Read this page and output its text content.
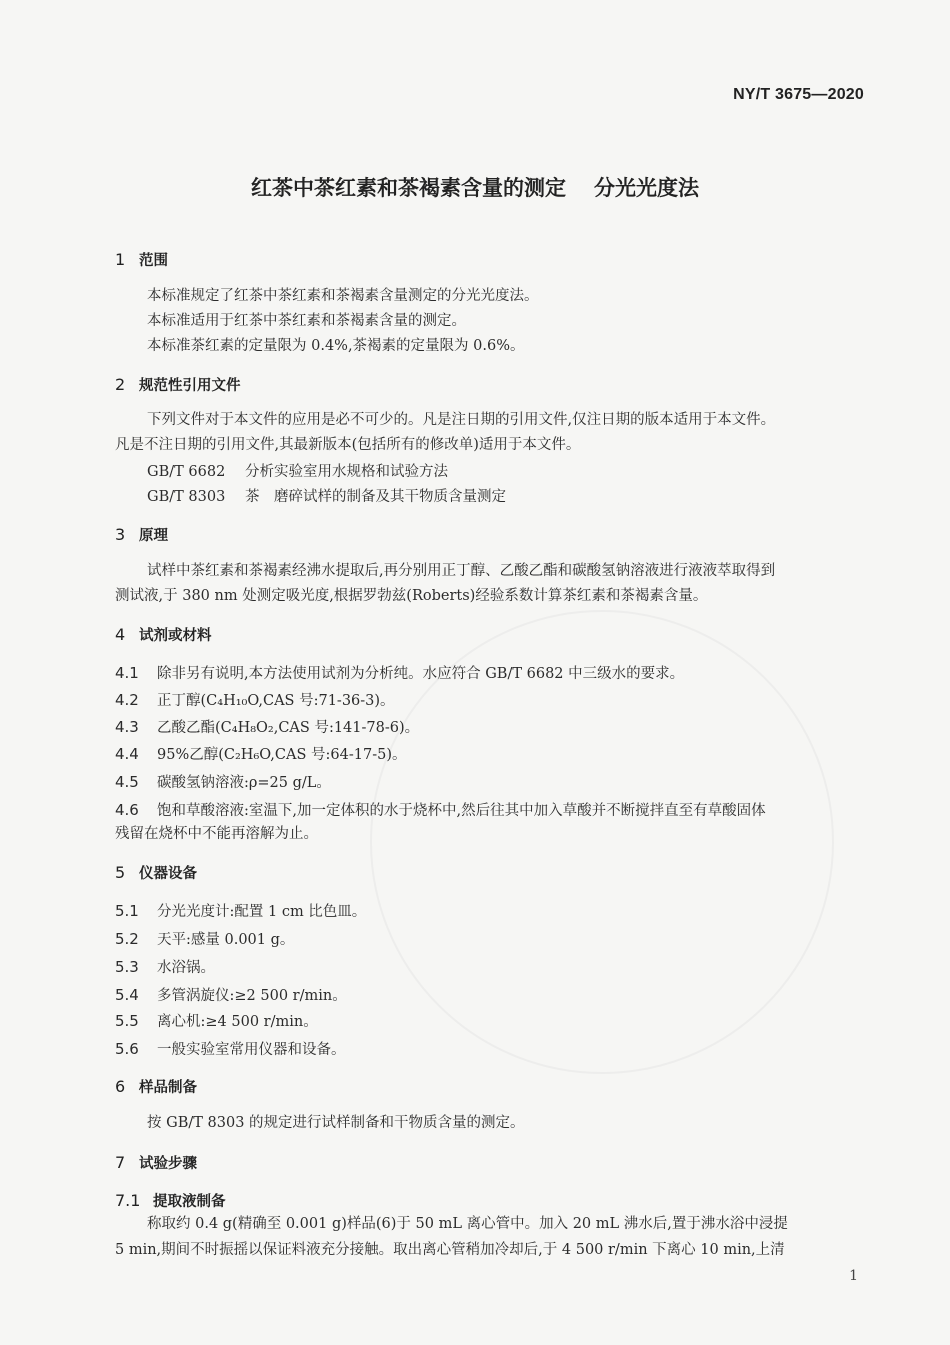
NY/T 3675—2020
红茶中茶红素和茶褐素含量的测定 分光光度法
1 范围
本标准规定了红茶中茶红素和茶褐素含量测定的分光光度法。
本标准适用于红茶中茶红素和茶褐素含量的测定。
本标准茶红素的定量限为 0.4%,茶褐素的定量限为 0.6%。
2 规范性引用文件
下列文件对于本文件的应用是必不可少的。凡是注日期的引用文件,仅注日期的版本适用于本文件。
凡是不注日期的引用文件,其最新版本(包括所有的修改单)适用于本文件。
GB/T 6682 分析实验室用水规格和试验方法
GB/T 8303 茶　磨碎试样的制备及其干物质含量测定
3 原理
试样中茶红素和茶褐素经沸水提取后,再分别用正丁醇、乙酸乙酯和碳酸氢钠溶液进行液液萃取得到
测试液,于 380 nm 处测定吸光度,根据罗勃兹(Roberts)经验系数计算茶红素和茶褐素含量。
4 试剂或材料
4.1 除非另有说明,本方法使用试剂为分析纯。水应符合 GB/T 6682 中三级水的要求。
4.2 正丁醇(C₄H₁₀O,CAS 号:71-36-3)。
4.3 乙酸乙酯(C₄H₈O₂,CAS 号:141-78-6)。
4.4 95%乙醇(C₂H₆O,CAS 号:64-17-5)。
4.5 碳酸氢钠溶液:ρ=25 g/L。
4.6 饱和草酸溶液:室温下,加一定体积的水于烧杯中,然后往其中加入草酸并不断搅拌直至有草酸固体
残留在烧杯中不能再溶解为止。
5 仪器设备
5.1 分光光度计:配置 1 cm 比色皿。
5.2 天平:感量 0.001 g。
5.3 水浴锅。
5.4 多管涡旋仪:≥2 500 r/min。
5.5 离心机:≥4 500 r/min。
5.6 一般实验室常用仪器和设备。
6 样品制备
按 GB/T 8303 的规定进行试样制备和干物质含量的测定。
7 试验步骤
7.1 提取液制备
称取约 0.4 g(精确至 0.001 g)样品(6)于 50 mL 离心管中。加入 20 mL 沸水后,置于沸水浴中浸提
5 min,期间不时振摇以保证料液充分接触。取出离心管稍加冷却后,于 4 500 r/min 下离心 10 min,上清
1
